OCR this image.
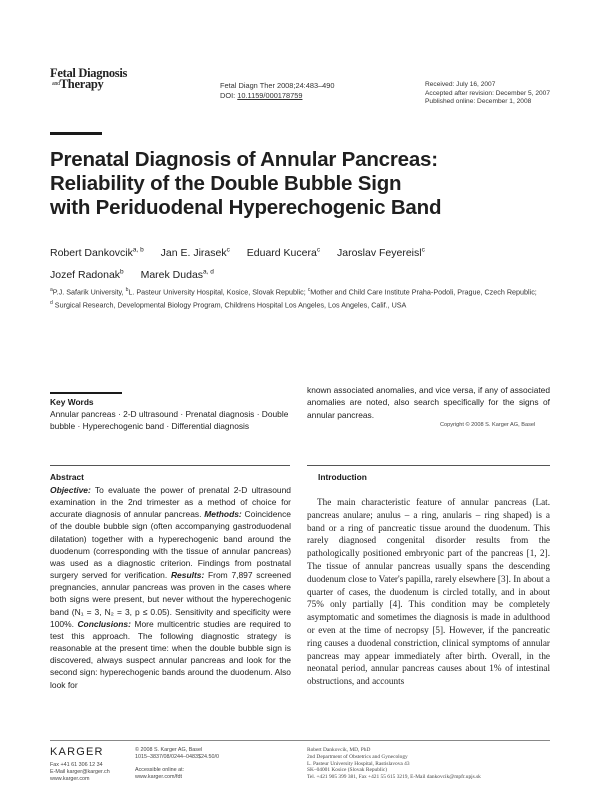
Fetal Diagnosis
$^{and}$Therapy	Fetal Diagn Ther 2008;24:483–490
DOI: 10.1159/000178759
Received: July 16, 2007
Accepted after revision: December 5, 2007
Published online: December 1, 2008
Prenatal Diagnosis of Annular Pancreas:
Reliability of the Double Bubble Sign
with Periduodenal Hyperechogenic Band
Robert Dankovcik$^{a, b}$ Jan E. Jirasek$^c$ Eduard Kucera$^c$ Jaroslav Feyereisl$^c$
Jozef Radonak$^b$ Marek Dudas$^{a, d}$
$^a$P.J. Safarik University, $^b$L. Pasteur University Hospital, Kosice, Slovak Republic; $^c$Mother and Child Care Institute Praha-Podoli, Prague, Czech Republic; $^d$ Surgical Research, Developmental Biology Program, Childrens Hospital Los Angeles, Los Angeles, Calif., USA
Key Words
Annular pancreas · 2-D ultrasound · Prenatal diagnosis · Double bubble · Hyperechogenic band · Differential diagnosis
known associated anomalies, and vice versa, if any of associated anomalies are noted, also search specifically for the signs of annular pancreas.
Copyright © 2008 S. Karger AG, Basel
Abstract
Objective: To evaluate the power of prenatal 2-D ultrasound examination in the 2nd trimester as a method of choice for accurate diagnosis of annular pancreas. Methods: Coincidence of the double bubble sign (often accompanying gastroduodenal dilatation) together with a hyperechogenic band around the duodenum (corresponding with the tissue of annular pancreas) was used as a diagnostic criterion. Findings from postnatal surgery served for verification. Results: From 7,897 screened pregnancies, annular pancreas was proven in the cases where both signs were present, but never without the hyperechogenic band (N₁ = 3, N₂ = 3, p ≤ 0.05). Sensitivity and specificity were 100%. Conclusions: More multicentric studies are required to test this approach. The following diagnostic strategy is reasonable at the present time: when the double bubble sign is discovered, always suspect annular pancreas and look for the second sign: hyperechogenic bands around the duodenum. Also look for
Introduction

The main characteristic feature of annular pancreas (Lat. pancreas anulare; anulus – a ring, anularis – ring shaped) is a band or a ring of pancreatic tissue around the duodenum. This rarely diagnosed congenital disorder results from the pathologically positioned embryonic part of the pancreas [1, 2]. The tissue of annular pancreas usually spans the descending duodenum close to Vater's papilla, rarely elsewhere [3]. In about a quarter of cases, the duodenum is circled totally, and in about 75% only partially [4]. This condition may be completely asymptomatic and sometimes the diagnosis is made in adulthood or even at the time of necropsy [5]. However, if the pancreatic ring causes a duodenal constriction, clinical symptoms of annular pancreas may appear immediately after birth. Overall, in the neonatal period, annular pancreas causes about 1% of intestinal obstructions, and accounts

KARGER
Fax +41 61 306 12 34
E-Mail karger@karger.ch
www.karger.com
© 2008 S. Karger AG, Basel
1015–3837/08/0244–0483$24.50/0
Accessible online at:
www.karger.com/fdt
Robert Dankovcik, MD, PhD
2nd Department of Obstetrics and Gynecology
L. Pasteur University Hospital, Rastislavova 43
SK–04001 Kosice (Slovak Republic)
Tel. +421 905 399 381, Fax +421 55 615 3219, E-Mail dankovcik@mpfr.upjs.sk
